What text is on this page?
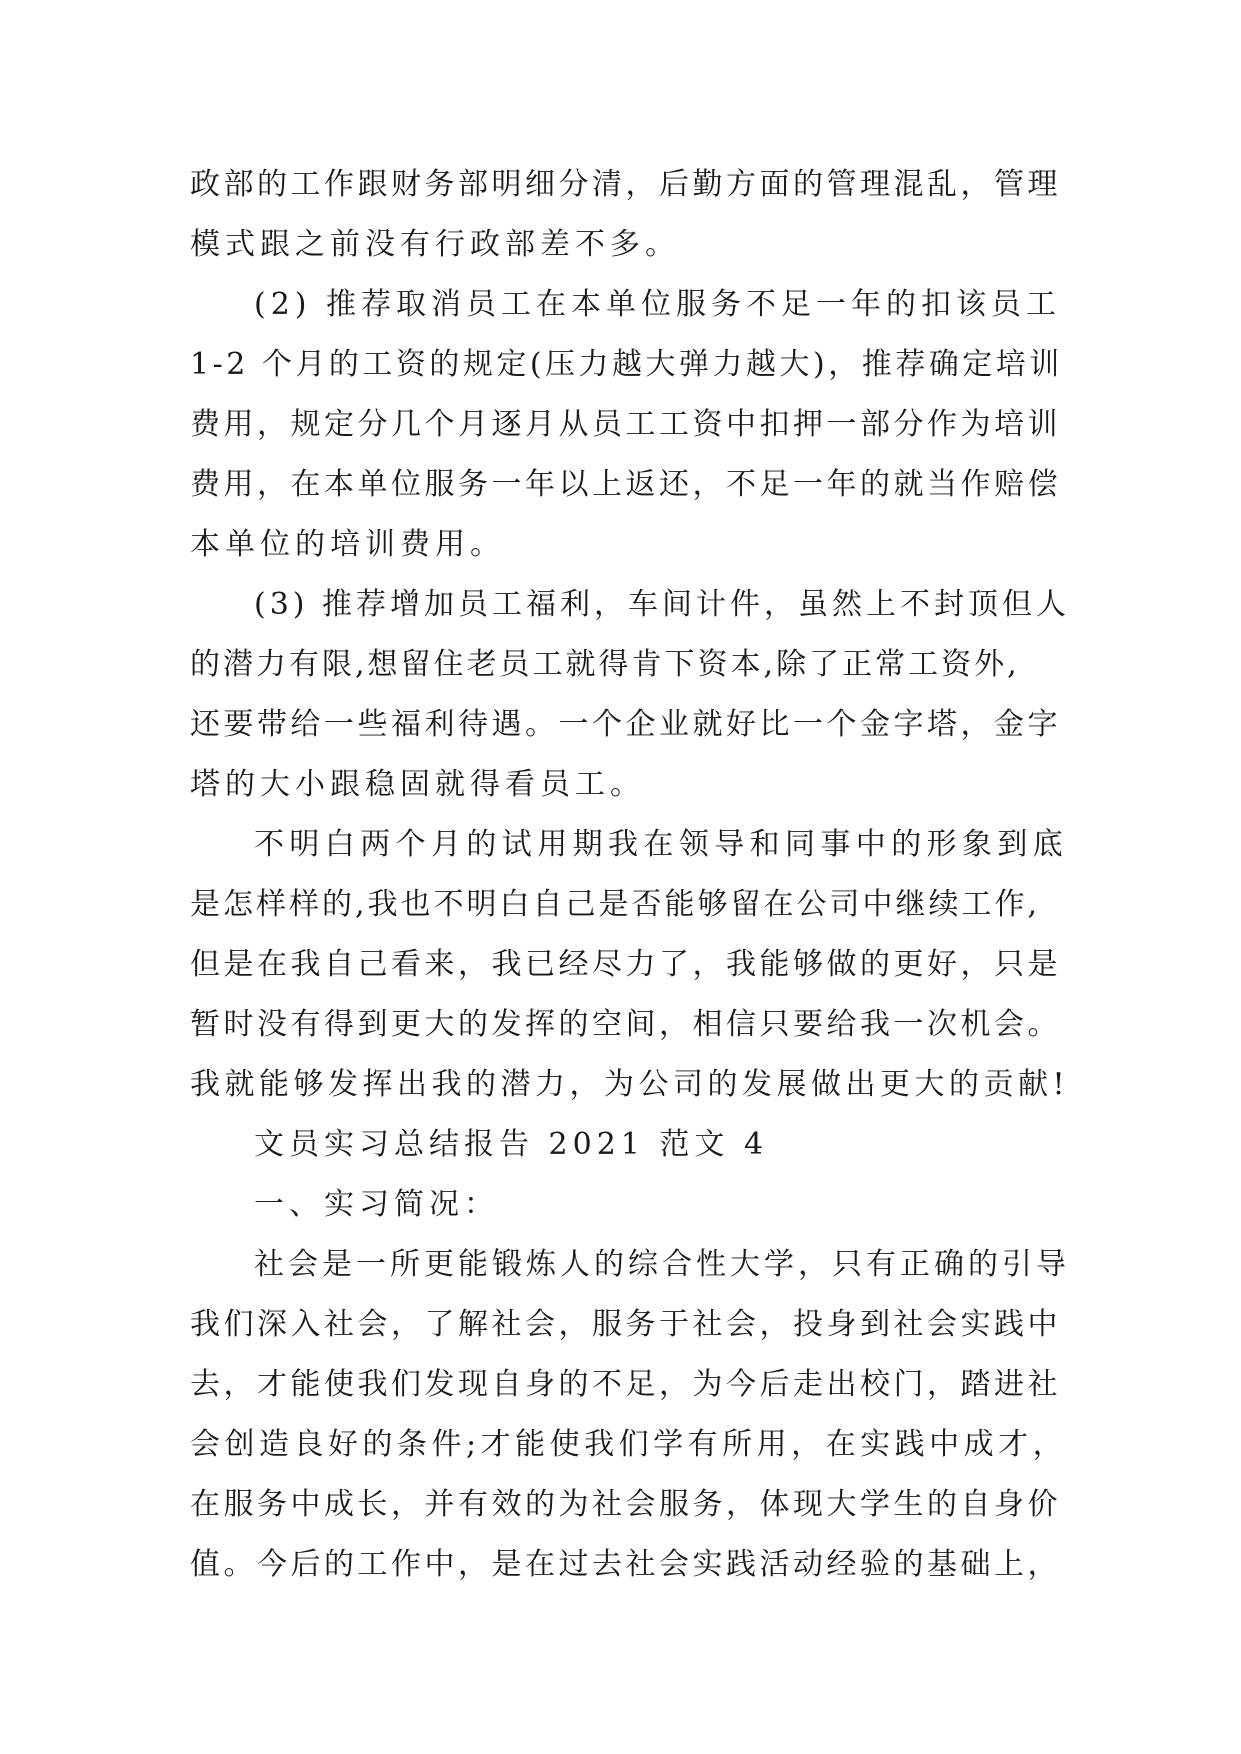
政部的工作跟财务部明细分清，后勤方面的管理混乱，管理
模式跟之前没有行政部差不多。
(2) 推荐取消员工在本单位服务不足一年的扣该员工
1-2 个月的工资的规定(压力越大弹力越大)，推荐确定培训
费用，规定分几个月逐月从员工工资中扣押一部分作为培训
费用，在本单位服务一年以上返还，不足一年的就当作赔偿
本单位的培训费用。
(3) 推荐增加员工福利，车间计件，虽然上不封顶但人
的潜力有限,想留住老员工就得肯下资本,除了正常工资外,
还要带给一些福利待遇。一个企业就好比一个金字塔，金字
塔的大小跟稳固就得看员工。
不明白两个月的试用期我在领导和同事中的形象到底
是怎样样的,我也不明白自己是否能够留在公司中继续工作,
但是在我自己看来，我已经尽力了，我能够做的更好，只是
暂时没有得到更大的发挥的空间，相信只要给我一次机会。
我就能够发挥出我的潜力，为公司的发展做出更大的贡献!
文员实习总结报告 2021 范文 4
一、实习简况：
社会是一所更能锻炼人的综合性大学，只有正确的引导
我们深入社会，了解社会，服务于社会，投身到社会实践中
去，才能使我们发现自身的不足，为今后走出校门，踏进社
会创造良好的条件;才能使我们学有所用，在实践中成才，
在服务中成长，并有效的为社会服务，体现大学生的自身价
值。今后的工作中，是在过去社会实践活动经验的基础上，
